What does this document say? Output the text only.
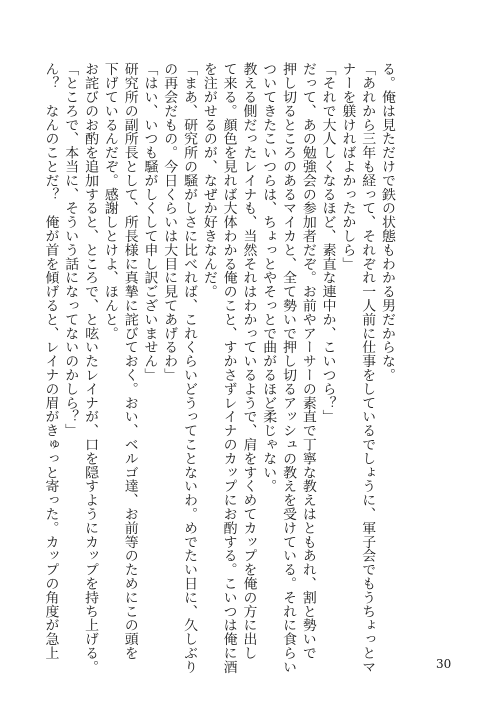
る。俺は見ただけで鉄の状態もわかる男だからな。
「あれから三年も経って、それぞれ一人前に仕事をしているでしょうに、軍子会でもうちょっとマ
ナーを躾ければよかったかしら」
「それで大人しくなるほど、素直な連中か、こいつら？」
だって、あの勉強会の参加者だぞ。お前やアーサーの素直で丁寧な教えはともあれ、割と勢いで
押し切るところのあるマイカと、全て勢いで押し切るアッシュの教えを受けている。それに食らい
ついてきたこいつらは、ちょっとやそっとで曲がるほど柔じゃない。
教える側だったレイナも、当然それはわかっているようで、肩をすくめてカップを俺の方に出し
て来る。顔色を見れば大体わかる俺のこと、すかさずレイナのカップにお酌する。こいつは俺に酒
を注がせるのが、なぜか好きなんだ。
「まあ、研究所の騒がしさに比べれば、これくらいどうってことないわ。めでたい日に、久しぶり
の再会だもの。今日くらいは大目に見てあげるわ」
「はい、いつも騒がしくして申し訳ございません」
研究所の副所長として、所長様に真摯に詫びておく。おい、ベルゴ達、お前等のためにこの頭を
下げているんだぞ。感謝しとけよ、ほんと。
お詫びのお酌を追加すると、ところで、と呟いたレイナが、口を隠すようにカップを持ち上げる。
「ところで、本当に、そういう話になってないのかしら？」
ん？　なんのことだ？　俺が首を傾げると、レイナの眉がきゅっと寄った。カップの角度が急上
30
